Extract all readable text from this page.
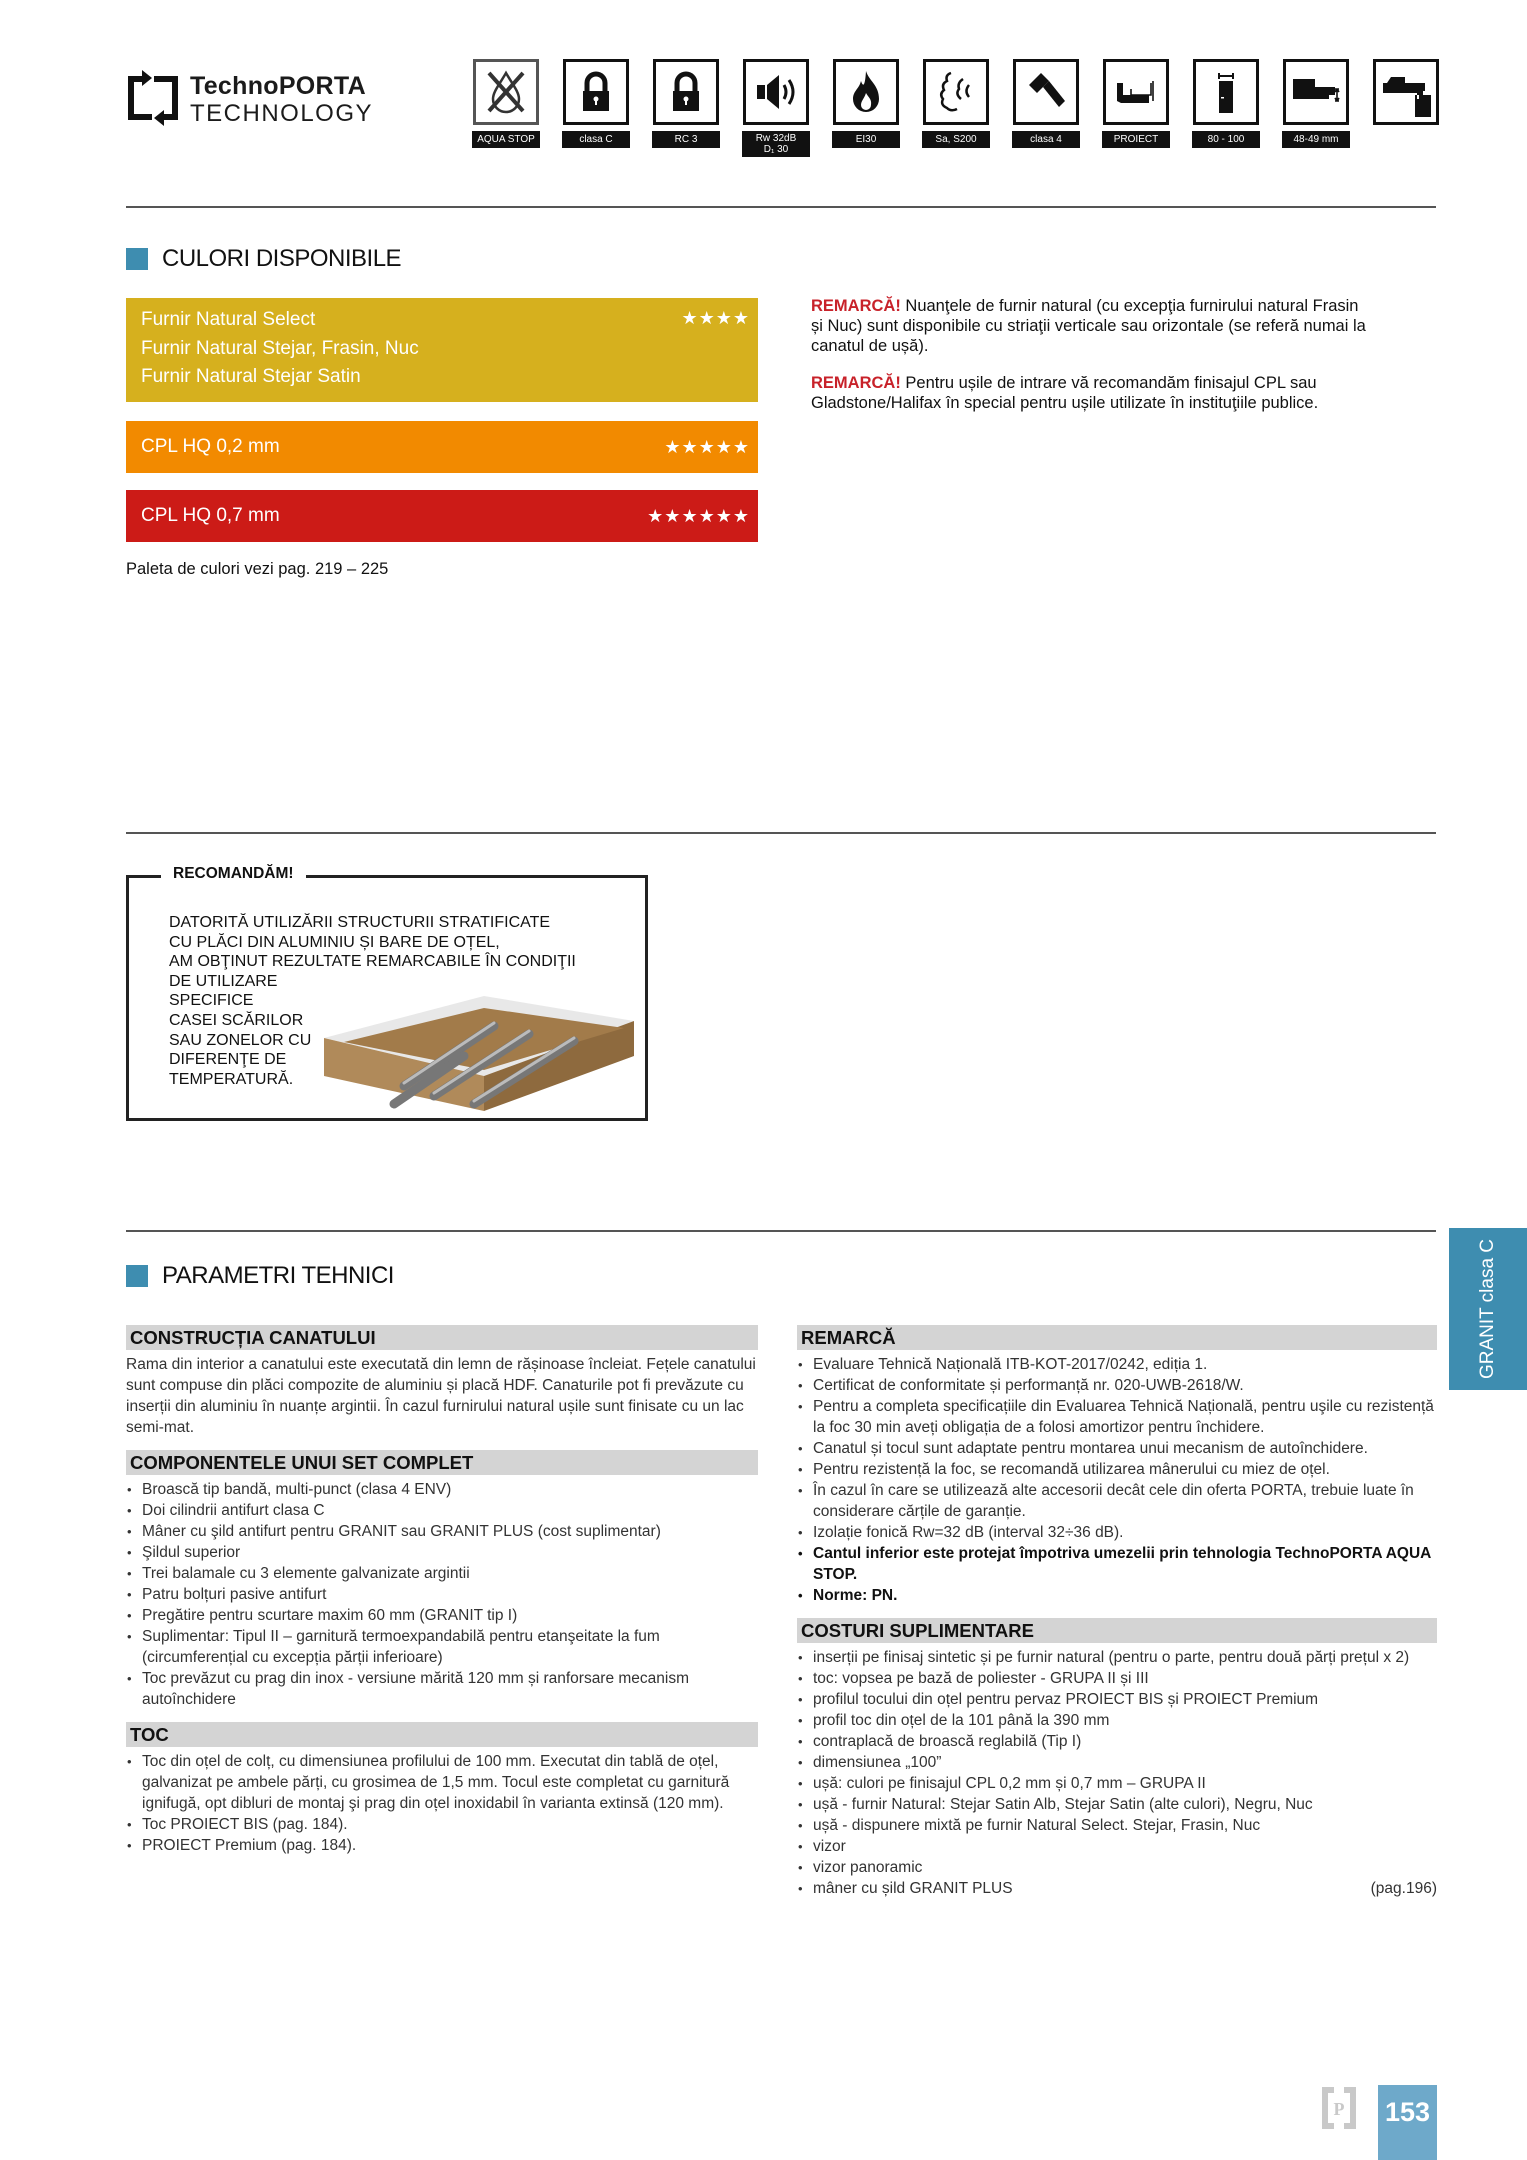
TechnoPORTA
TECHNOLOGY
AQUA STOP	clasa C	RC 3	Rw 32dB
D₁ 30
EI30	Sa, S200	clasa 4	PROIECT	80 - 100	48-49 mm
CULORI DISPONIBILE
Furnir Natural Select
Furnir Natural Stejar, Frasin, Nuc
Furnir Natural Stejar Satin
★★★★
CPL HQ 0,2 mm	★★★★★
CPL HQ 0,7 mm	★★★★★★
Paleta de culori vezi pag. 219 – 225

REMARCĂ! Nuanţele de furnir natural (cu excepţia furnirului natural Frasin și Nuc) sunt disponibile cu striaţii verticale sau orizontale (se referă numai la canatul de ușă).

REMARCĂ! Pentru ușile de intrare vă recomandăm finisajul CPL sau Gladstone/Halifax în special pentru ușile utilizate în instituţiile publice.

RECOMANDĂM!
DATORITĂ UTILIZĂRII STRUCTURII STRATIFICATE
CU PLĂCI DIN ALUMINIU ȘI BARE DE OȚEL,
AM OBŢINUT REZULTATE REMARCABILE ÎN CONDIŢII
DE UTILIZARE
SPECIFICE
CASEI SCĂRILOR
SAU ZONELOR CU
DIFERENŢE DE
TEMPERATURĂ.
GRANIT clasa C
PARAMETRI TEHNICI
CONSTRUCȚIA CANATULUI
Rama din interior a canatului este executată din lemn de rășinoase încleiat. Fețele canatului sunt compuse din plăci compozite de aluminiu și placă HDF. Canaturile pot fi prevăzute cu inserții din aluminiu în nuanțe argintii. În cazul furnirului natural ușile sunt finisate cu un lac semi-mat.
COMPONENTELE UNUI SET COMPLET
• Broască tip bandă, multi-punct (clasa 4 ENV)
• Doi cilindrii antifurt clasa C
• Mâner cu şild antifurt pentru GRANIT sau GRANIT PLUS (cost suplimentar)
• Şildul superior
• Trei balamale cu 3 elemente galvanizate argintii
• Patru bolțuri pasive antifurt
• Pregătire pentru scurtare maxim 60 mm (GRANIT tip I)
• Suplimentar: Tipul II – garnitură termoexpandabilă pentru etanşeitate la fum (circumferențial cu excepția părții inferioare)
• Toc prevăzut cu prag din inox - versiune mărită 120 mm și ranforsare mecanism autoînchidere
TOC
• Toc din oțel de colț, cu dimensiunea profilului de 100 mm. Executat din tablă de oțel, galvanizat pe ambele părți, cu grosimea de 1,5 mm. Tocul este completat cu garnitură ignifugă, opt dibluri de montaj şi prag din oțel inoxidabil în varianta extinsă (120 mm).
• Toc PROIECT BIS (pag. 184).
• PROIECT Premium (pag. 184).
REMARCĂ
• Evaluare Tehnică Națională ITB-KOT-2017/0242, ediția 1.
• Certificat de conformitate și performanță nr. 020-UWB-2618/W.
• Pentru a completa specificațiile din Evaluarea Tehnică Națională, pentru uşile cu rezistență la foc 30 min aveți obligația de a folosi amortizor pentru închidere.
• Canatul și tocul sunt adaptate pentru montarea unui mecanism de autoînchidere.
• Pentru rezistență la foc, se recomandă utilizarea mânerului cu miez de oțel.
• În cazul în care se utilizează alte accesorii decât cele din oferta PORTA, trebuie luate în considerare cărțile de garanție.
• Izolație fonică Rw=32 dB (interval 32÷36 dB).
• Cantul inferior este protejat împotriva umezelii prin tehnologia TechnoPORTA AQUA STOP.
• Norme: PN.
COSTURI SUPLIMENTARE
• inserții pe finisaj sintetic și pe furnir natural (pentru o parte, pentru două părți prețul x 2)
• toc: vopsea pe bază de poliester - GRUPA II și III
• profilul tocului din oțel pentru pervaz PROIECT BIS și PROIECT Premium
• profil toc din oțel de la 101 până la 390 mm
• contraplacă de broască reglabilă (Tip I)
• dimensiunea „100”
• ușă: culori pe finisajul CPL 0,2 mm și 0,7 mm – GRUPA II
• ușă - furnir Natural: Stejar Satin Alb, Stejar Satin (alte culori), Negru, Nuc
• ușă - dispunere mixtă pe furnir Natural Select. Stejar, Frasin, Nuc
• vizor
• vizor panoramic
• mâner cu șild GRANIT PLUS	(pag.196)
P 153
